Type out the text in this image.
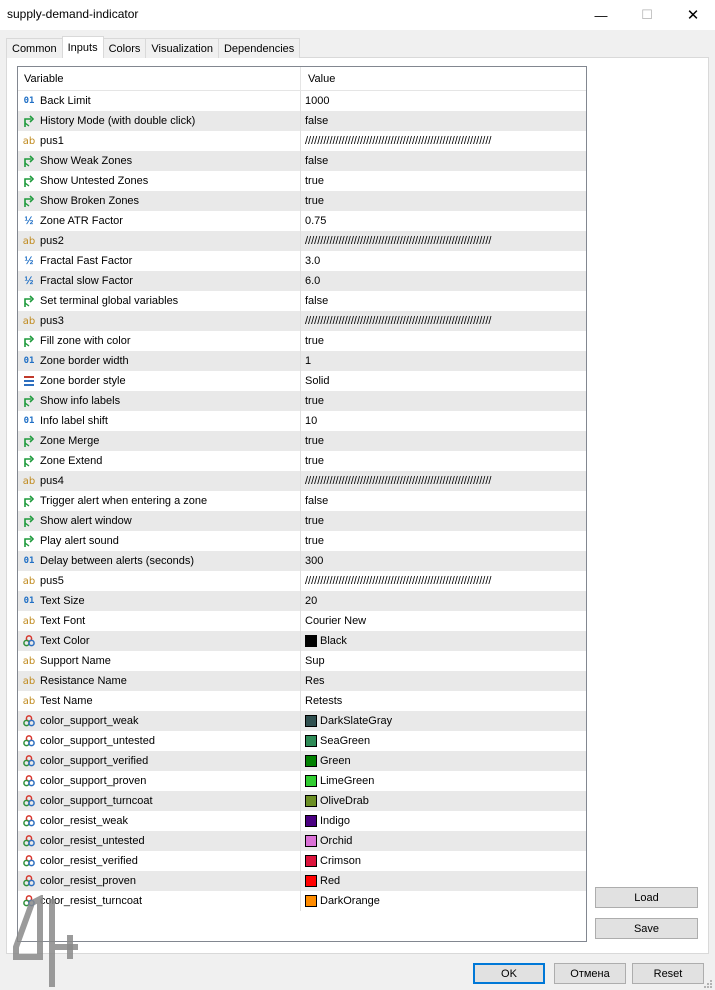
supply-demand-indicator	—	☐	✕
Common	Inputs	Colors	Visualization	Dependencies
Variable	Value
01 Back Limit	1000
History Mode (with double click)	false
ab pus1	/////////////////////////////////////////////////////////////
Show Weak Zones	false
Show Untested Zones	true
Show Broken Zones	true
½ Zone ATR Factor	0.75
ab pus2	/////////////////////////////////////////////////////////////
½ Fractal Fast Factor	3.0
½ Fractal slow Factor	6.0
Set terminal global variables	false
ab pus3	/////////////////////////////////////////////////////////////
Fill zone with color	true
01 Zone border width	1
Zone border style	Solid
Show info labels	true
01 Info label shift	10
Zone Merge	true
Zone Extend	true
ab pus4	/////////////////////////////////////////////////////////////
Trigger alert when entering a zone	false
Show alert window	true
Play alert sound	true
01 Delay between alerts (seconds)	300
ab pus5	/////////////////////////////////////////////////////////////
01 Text Size	20
ab Text Font	Courier New
Text Color	Black
ab Support Name	Sup
ab Resistance Name	Res
ab Test Name	Retests
color_support_weak	DarkSlateGray
color_support_untested	SeaGreen
color_support_verified	Green
color_support_proven	LimeGreen
color_support_turncoat	OliveDrab
color_resist_weak	Indigo
color_resist_untested	Orchid
color_resist_verified	Crimson
color_resist_proven	Red
color_resist_turncoat	DarkOrange	Load
Save
OK	Отмена	Reset
